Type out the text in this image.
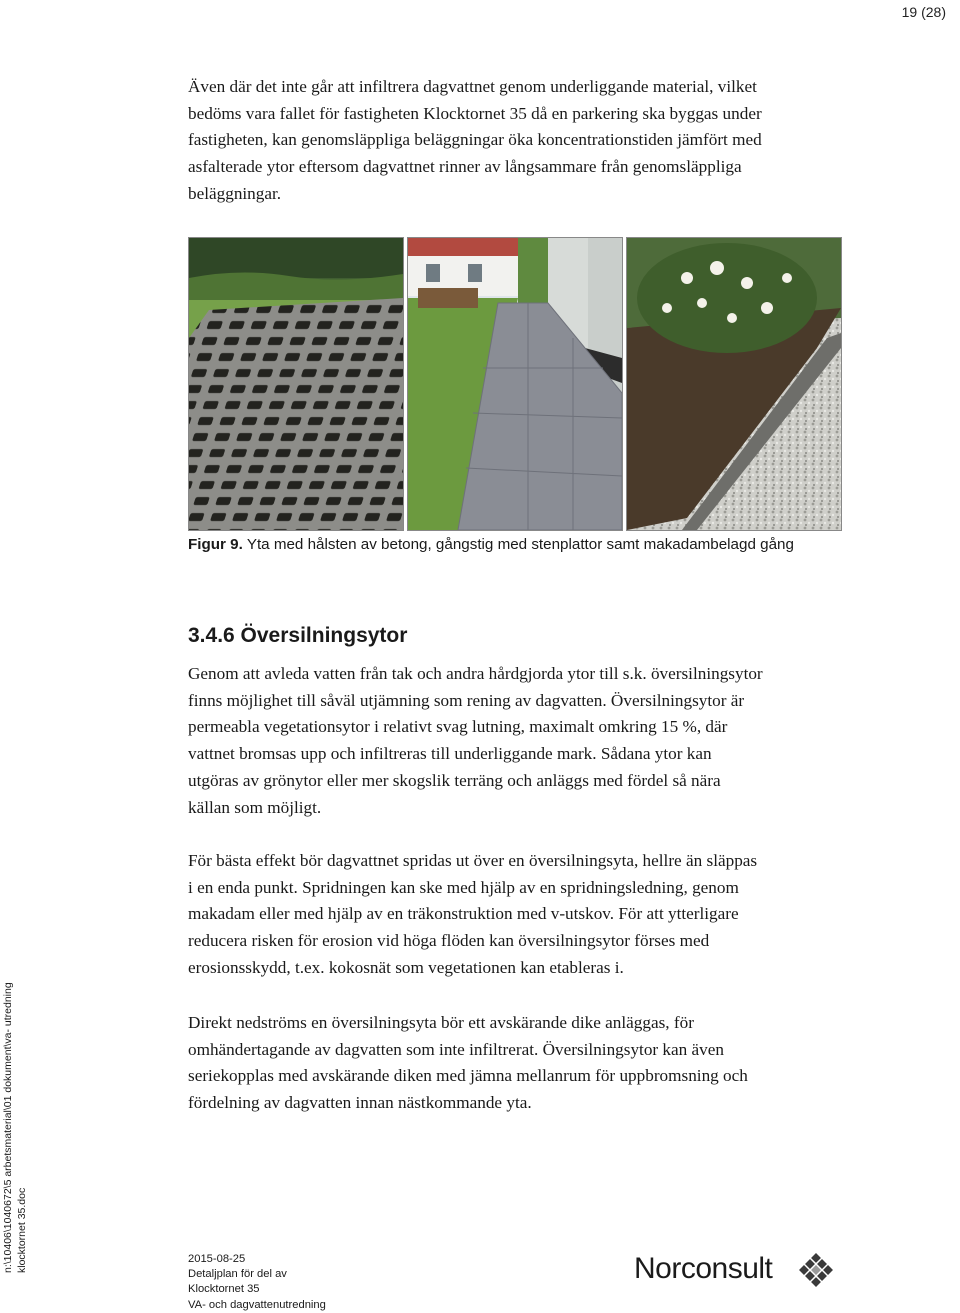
19 (28)

Även där det inte går att infiltrera dagvattnet genom underliggande material, vilket
bedöms vara fallet för fastigheten Klocktornet 35 då en parkering ska byggas under
fastigheten, kan genomsläppliga beläggningar öka koncentrationstiden jämfört med
asfalterade ytor eftersom dagvattnet rinner av långsammare från genomsläppliga
beläggningar.

Figur 9. Yta med hålsten av betong, gångstig med stenplattor samt makadambelagd gång

3.4.6 Översilningsytor

Genom att avleda vatten från tak och andra hårdgjorda ytor till s.k. översilningsytor
finns möjlighet till såväl utjämning som rening av dagvatten. Översilningsytor är
permeabla vegetationsytor i relativt svag lutning, maximalt omkring 15 %, där
vattnet bromsas upp och infiltreras till underliggande mark. Sådana ytor kan
utgöras av grönytor eller mer skogslik terräng och anläggs med fördel så nära
källan som möjligt.

För bästa effekt bör dagvattnet spridas ut över en översilningsyta, hellre än släppas
i en enda punkt. Spridningen kan ske med hjälp av en spridningsledning, genom
makadam eller med hjälp av en träkonstruktion med v-utskov. För att ytterligare
reducera risken för erosion vid höga flöden kan översilningsytor förses med
erosionsskydd, t.ex. kokosnät som vegetationen kan etableras i.

Direkt nedströms en översilningsyta bör ett avskärande dike anläggas, för
omhändertagande av dagvatten som inte infiltrerat. Översilningsytor kan även
seriekopplas med avskärande diken med jämna mellanrum för uppbromsning och
fördelning av dagvatten innan nästkommande yta.

n:\10406\1040672\5 arbetsmaterial\01 dokument\va- utredning klocktornet 35.doc	2015-08-25
Detaljplan för del av
Klocktornet 35
VA- och dagvattenutredning
Norconsult
